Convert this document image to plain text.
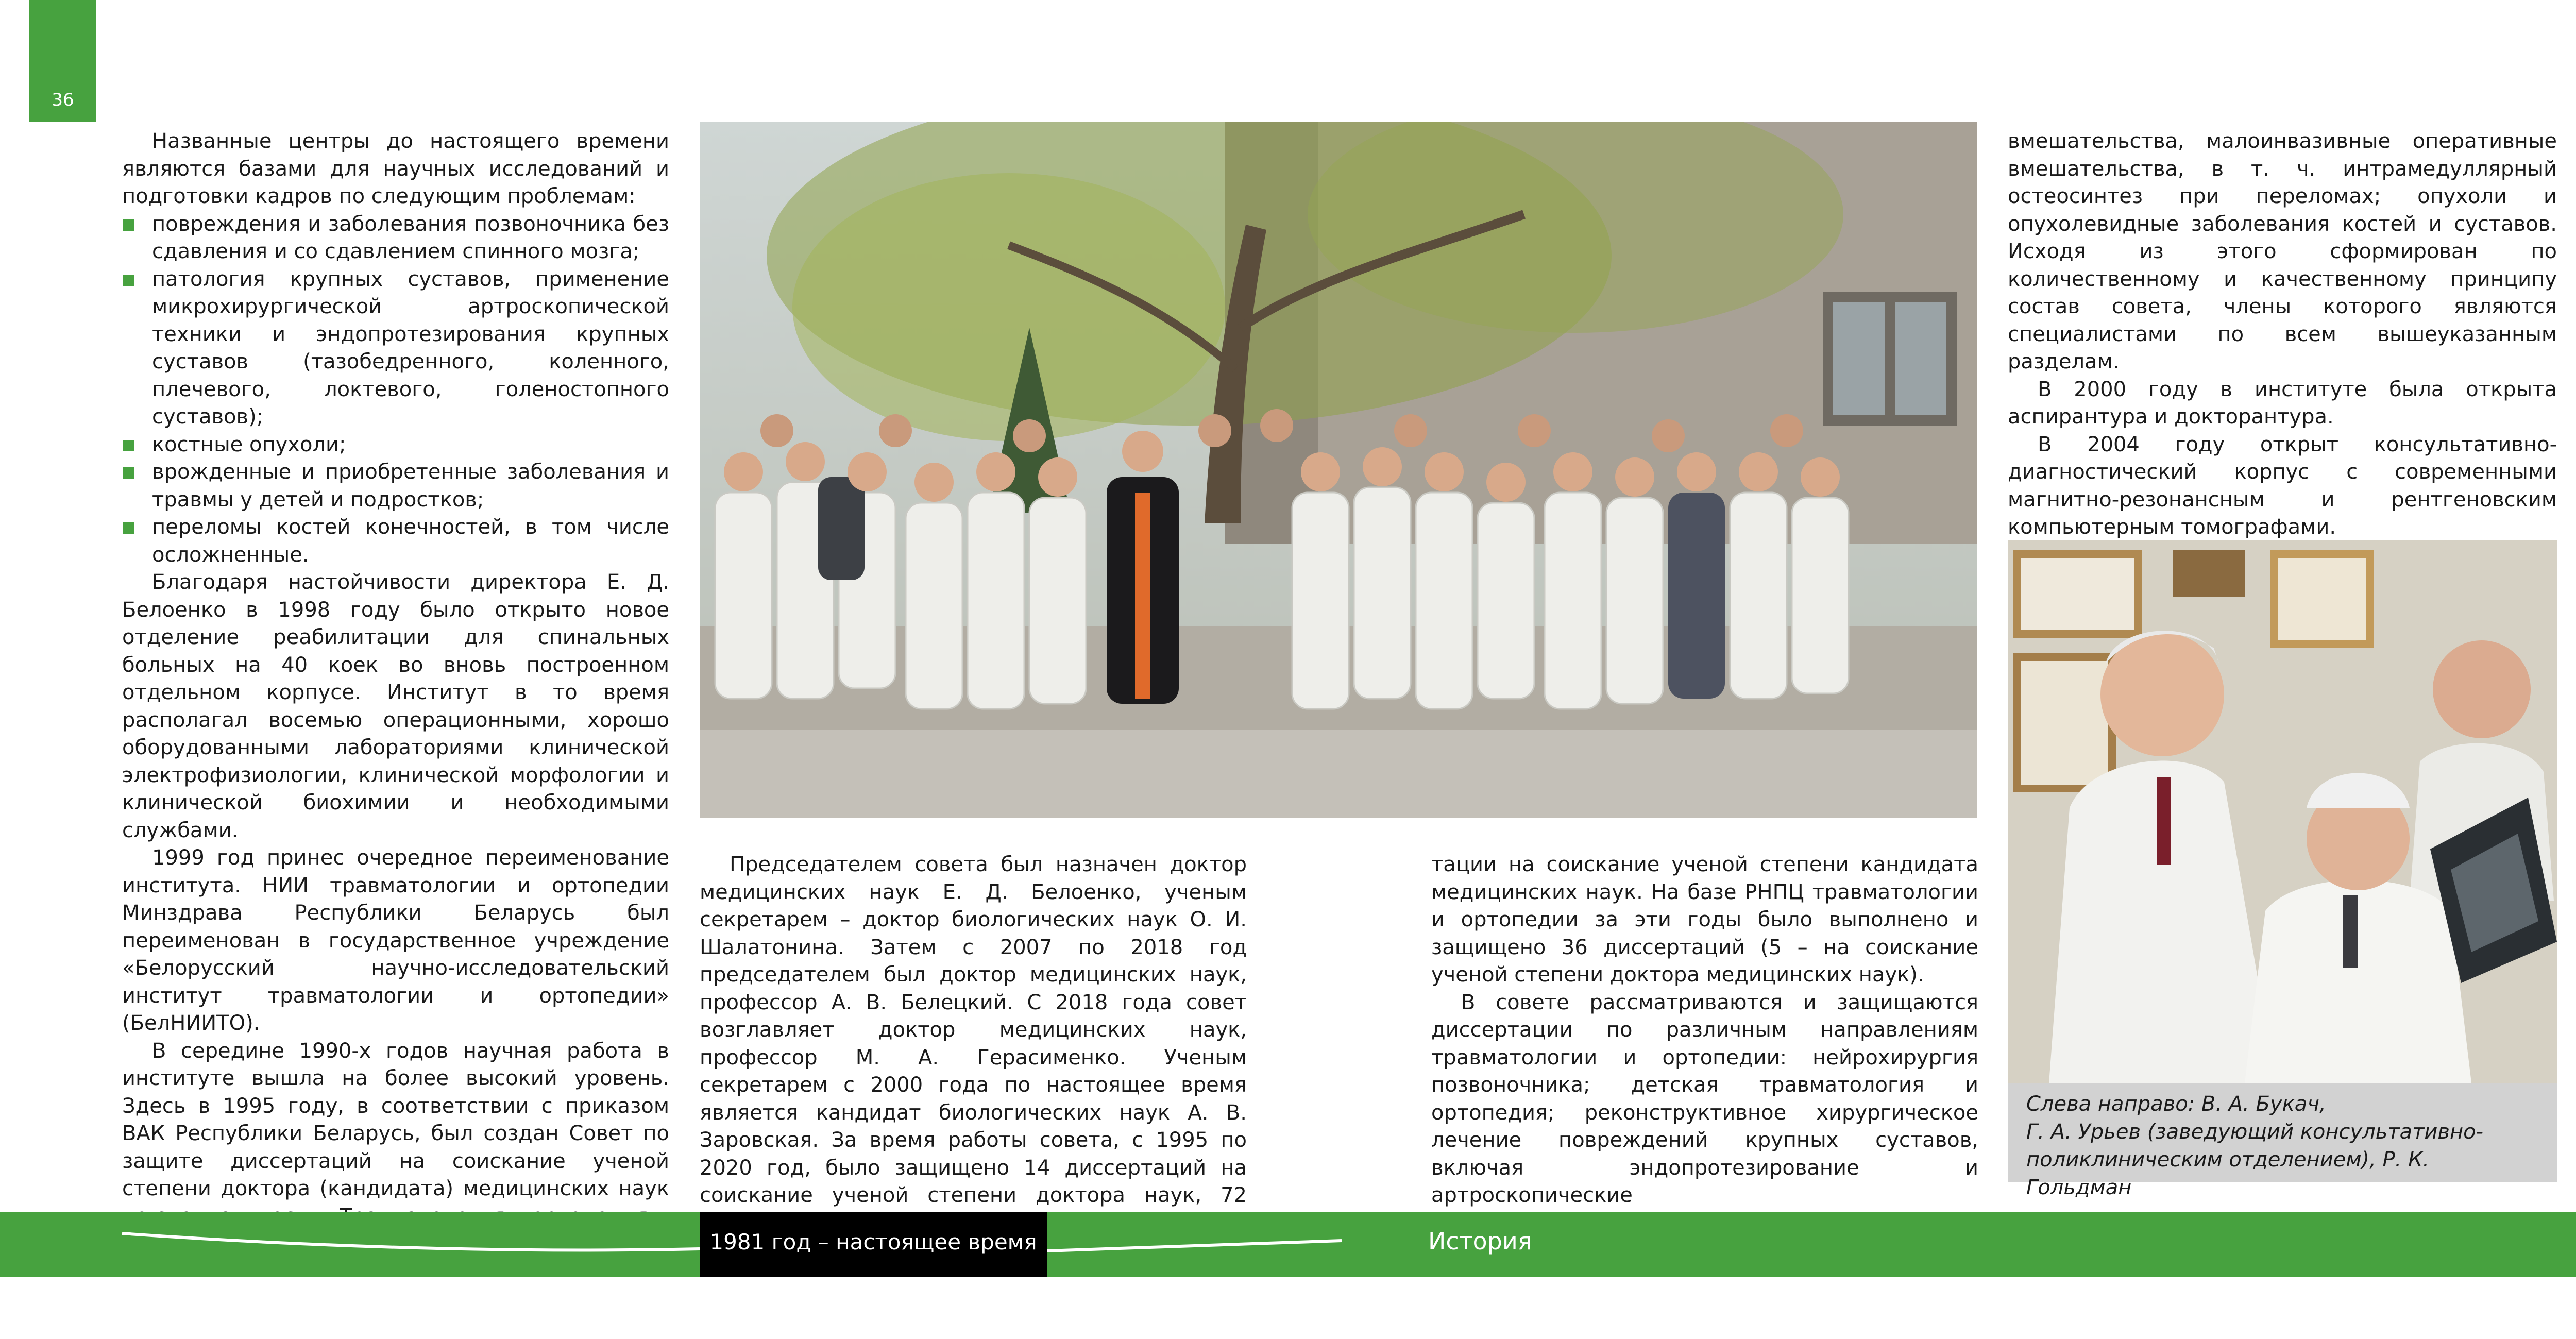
36

Названные центры до настоящего времени являются базами для научных исследований и подготовки кадров по следующим проблемам:

повреждения и заболевания позвоночника без сдавления и со сдавлением спинного мозга;
патология крупных суставов, применение микрохирургической артроскопической техники и эндопротезирования крупных суставов (тазобедренного, коленного, плечевого, локтевого, голеностопного суставов);
костные опухоли;
врожденные и приобретенные заболевания и травмы у детей и подростков;
переломы костей конечностей, в том числе осложненные.

Благодаря настойчивости директора Е. Д. Белоенко в 1998 году было открыто новое отделение реабилитации для спинальных больных на 40 коек во вновь построенном отдельном корпусе. Институт в то время располагал восемью операционными, хорошо оборудованными лабораториями клинической электрофизиологии, клинической морфологии и клинической биохимии и необходимыми службами.

1999 год принес очередное переименование института. НИИ травматологии и ортопедии Минздрава Республики Беларусь был переименован в государственное учреждение «Белорусский научно-исследовательский институт травматологии и ортопедии» (БелНИИТО).

В середине 1990-х годов научная работа в институте вышла на более высокий уровень. Здесь в 1995 году, в соответствии с приказом ВАК Республики Беларусь, был создан Совет по защите диссертаций на соискание ученой степени доктора (кандидата) медицинских наук

Председателем совета был назначен доктор медицинских наук Е. Д. Белоенко, ученым секретарем – доктор биологических наук О. И. Шалатонина. Затем с 2007 по 2018 год председателем был доктор медицинских наук, профессор А. В. Белецкий. С 2018 года совет возглавляет доктор медицинских наук, профессор М. А. Герасименко. Ученым секретарем с 2000 года по настоящее время является кандидат биологических наук А. В. Заровская. За время работы совета, с 1995 по 2020 год, было защищено 14 диссертаций на соискание ученой степени доктора наук, 72

тации на соискание ученой степени кандидата медицинских наук. На базе РНПЦ травматологии и ортопедии за эти годы было выполнено и защищено 36 диссертаций (5 – на соискание ученой степени доктора медицинских наук).

В совете рассматриваются и защищаются диссертации по различным направлениям травматологии и ортопедии: нейрохирургия позвоночника; детская травматология и ортопедия; реконструктивное хирургическое лечение повреждений крупных суставов, включая эндопротезирование и артроскопические

вмешательства, малоинвазивные оперативные вмешательства, в т. ч. интрамедуллярный остеосинтез при переломах; опухоли и опухолевидные заболевания костей и суставов. Исходя из этого сформирован по количественному и качественному принципу состав совета, члены которого являются специалистами по всем вышеуказанным разделам.

В 2000 году в институте была открыта аспирантура и докторантура.

В 2004 году открыт консультативно-диагностический корпус с современными магнитно-резонансным и рентгеновским компьютерным томографами.

Слева направо: В. А. Букач,
Г. А. Урьев (заведующий консультативно-
поликлиническим отделением), Р. К. Гольдман

1981 год – настоящее время	История
